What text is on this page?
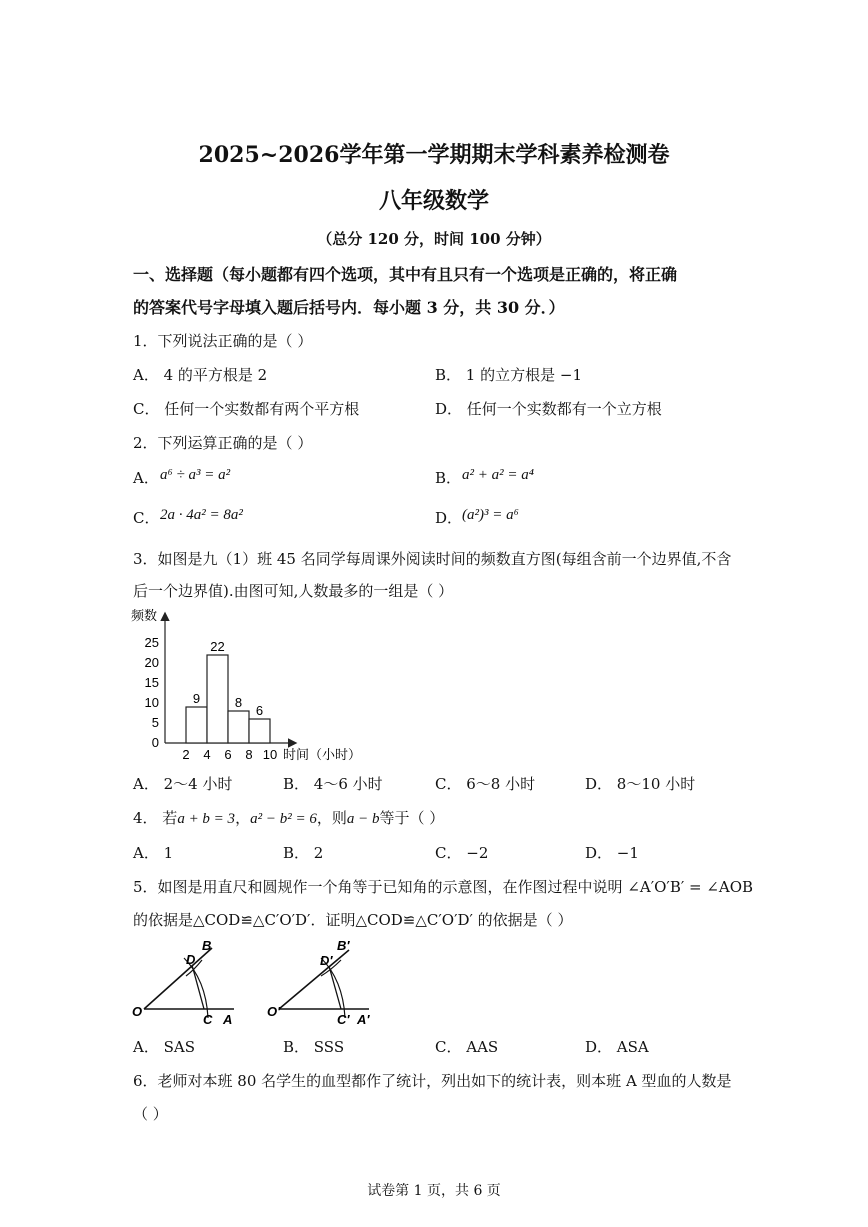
2025~2026学年第一学期期末学科素养检测卷
八年级数学
（总分 120 分，时间 100 分钟）
一、选择题（每小题都有四个选项，其中有且只有一个选项是正确的，将正确
的答案代号字母填入题后括号内．每小题 3 分，共 30 分．）
1．下列说法正确的是（ ）
A． 4 的平方根是 2	B． 1 的立方根是 −1
C． 任何一个实数都有两个平方根	D． 任何一个实数都有一个立方根
2．下列运算正确的是（ ）
A． a⁶ ÷ a³ = a²	B． a² + a² = a⁴
C． 2a · 4a² = 8a²	D． (a²)³ = a⁶
3．如图是九（1）班 45 名同学每周课外阅读时间的频数直方图(每组含前一个边界值,不含
后一个边界值).由图可知,人数最多的一组是（ ）
频数
时间（小时）
0
5
10
15
20
25
2 4 6 8 10
9
22
8
6
A． 2～4 小时	B． 4～6 小时	C． 6～8 小时	D． 8～10 小时
4． 若a + b = 3，a² − b² = 6，则a − b等于（ ）
A． 1	B． 2	C． −2	D． −1
5．如图是用直尺和圆规作一个角等于已知角的示意图，在作图过程中说明 ∠A′O′B′ = ∠AOB
的依据是△COD≌△C′O′D′．证明△COD≌△C′O′D′ 的依据是（ ）
B
D
O
C A
B′
D′
O′
C′ A′
A． SAS	B． SSS	C． AAS	D． ASA
6．老师对本班 80 名学生的血型都作了统计，列出如下的统计表，则本班 A 型血的人数是
（ ）
试卷第 1 页，共 6 页
